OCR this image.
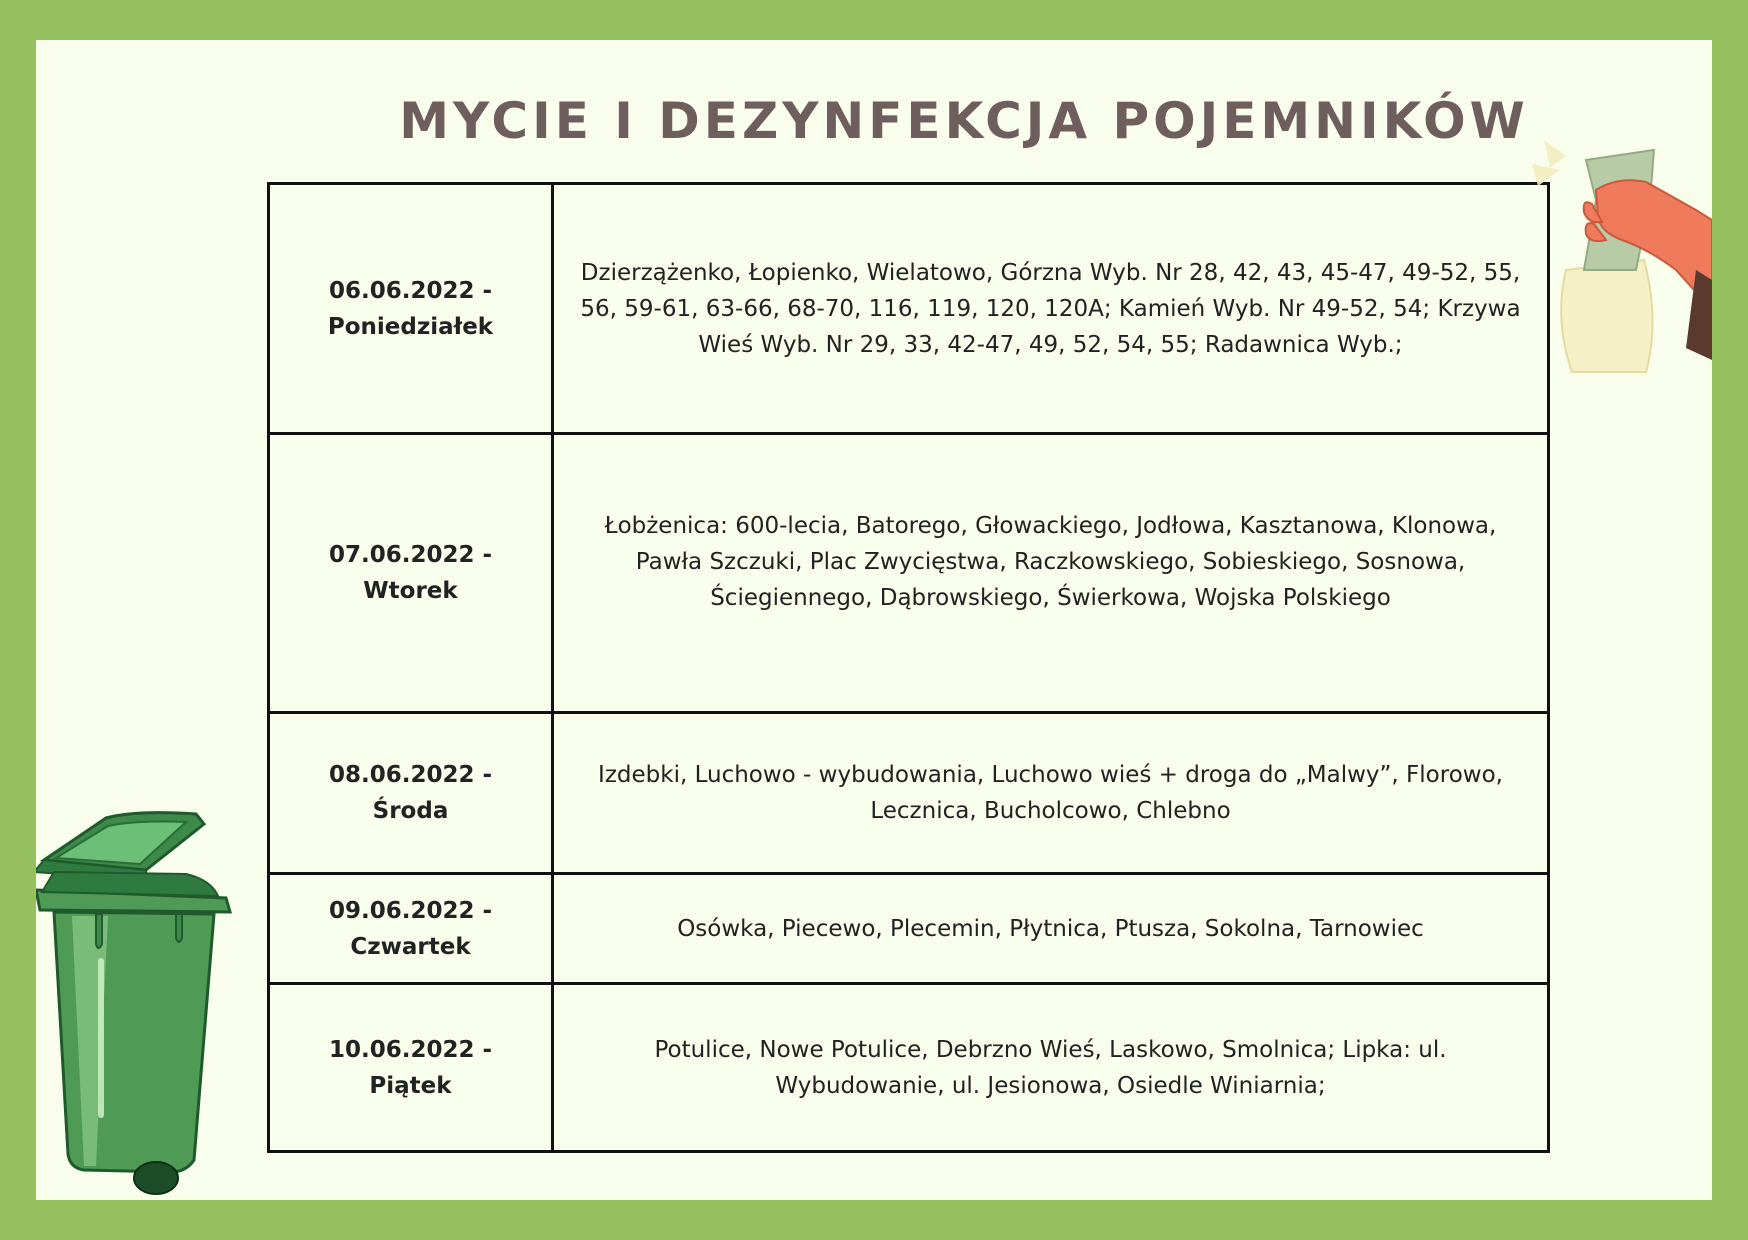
MYCIE I DEZYNFEKCJA POJEMNIKÓW
06.06.2022 -
Poniedziałek	Dzierzążenko, Łopienko, Wielatowo, Górzna Wyb. Nr 28, 42, 43, 45-47, 49-52, 55, 56, 59-61, 63-66, 68-70, 116, 119, 120, 120A; Kamień Wyb. Nr 49-52, 54; Krzywa Wieś Wyb. Nr 29, 33, 42-47, 49, 52, 54, 55; Radawnica Wyb.;

07.06.2022 -
Wtorek	Łobżenica: 600-lecia, Batorego, Głowackiego, Jodłowa, Kasztanowa, Klonowa, Pawła Szczuki, Plac Zwycięstwa, Raczkowskiego, Sobieskiego, Sosnowa, Ściegiennego, Dąbrowskiego, Świerkowa, Wojska Polskiego

08.06.2022 -
Środa	Izdebki, Luchowo - wybudowania, Luchowo wieś + droga do „Malwy”, Florowo, Lecznica, Bucholcowo, Chlebno

09.06.2022 -
Czwartek	Osówka, Piecewo, Plecemin, Płytnica, Ptusza, Sokolna, Tarnowiec

10.06.2022 -
Piątek	Potulice, Nowe Potulice, Debrzno Wieś, Laskowo, Smolnica; Lipka: ul. Wybudowanie, ul. Jesionowa, Osiedle Winiarnia;
